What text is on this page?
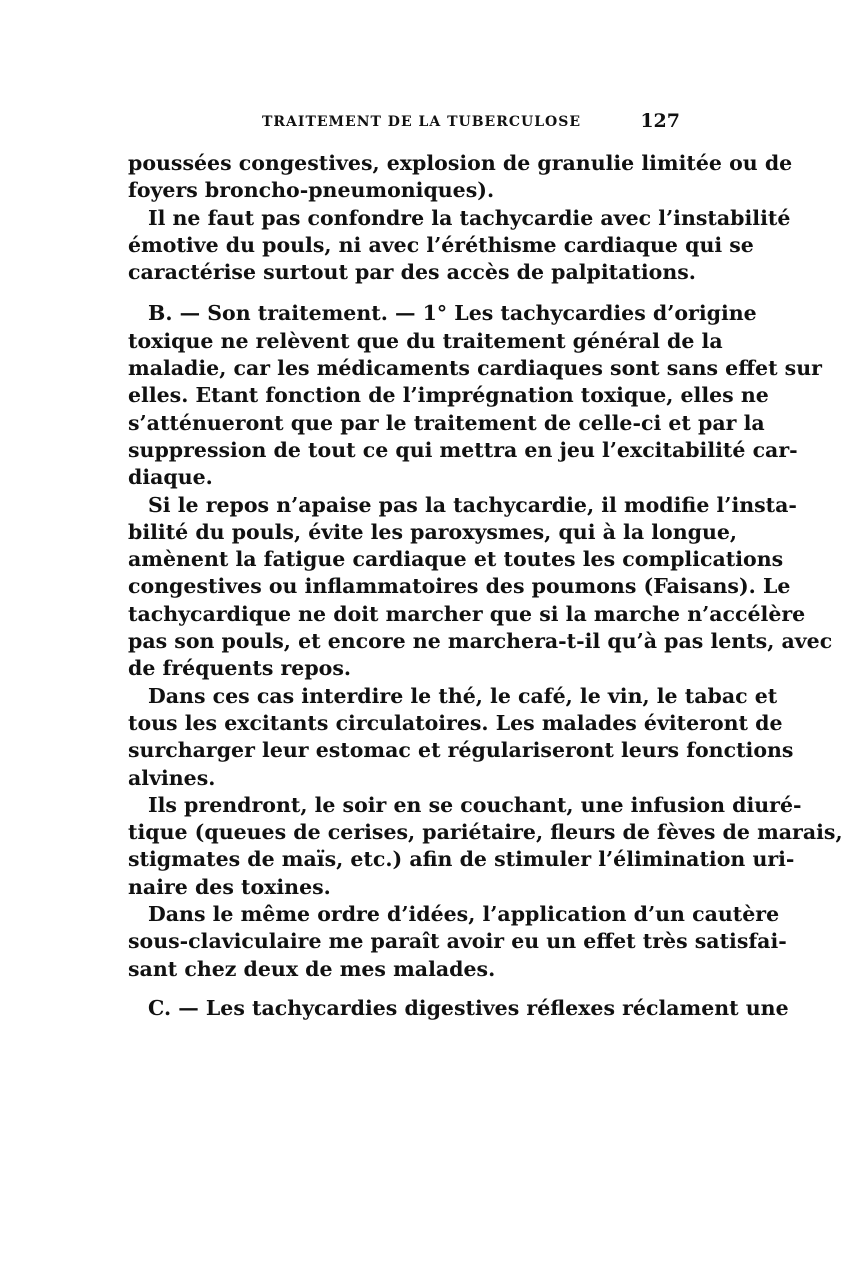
TRAITEMENT DE LA TUBERCULOSE	127
poussées congestives, explosion de granulie limitée ou de
foyers broncho-pneumoniques).
Il ne faut pas confondre la tachycardie avec l’instabilité
émotive du pouls, ni avec l’éréthisme cardiaque qui se
caractérise surtout par des accès de palpitations.
B. — Son traitement. — 1° Les tachycardies d’origine
toxique ne relèvent que du traitement général de la
maladie, car les médicaments cardiaques sont sans effet sur
elles. Etant fonction de l’imprégnation toxique, elles ne
s’atténueront que par le traitement de celle-ci et par la
suppression de tout ce qui mettra en jeu l’excitabilité car-
diaque.
Si le repos n’apaise pas la tachycardie, il modifie l’insta-
bilité du pouls, évite les paroxysmes, qui à la longue,
amènent la fatigue cardiaque et toutes les complications
congestives ou inflammatoires des poumons (Faisans). Le
tachycardique ne doit marcher que si la marche n’accélère
pas son pouls, et encore ne marchera-t-il qu’à pas lents, avec
de fréquents repos.
Dans ces cas interdire le thé, le café, le vin, le tabac et
tous les excitants circulatoires. Les malades éviteront de
surcharger leur estomac et régulariseront leurs fonctions
alvines.
Ils prendront, le soir en se couchant, une infusion diuré-
tique (queues de cerises, pariétaire, fleurs de fèves de marais,
stigmates de maïs, etc.) afin de stimuler l’élimination uri-
naire des toxines.
Dans le même ordre d’idées, l’application d’un cautère
sous-claviculaire me paraît avoir eu un effet très satisfai-
sant chez deux de mes malades.
C. — Les tachycardies digestives réflexes réclament une
